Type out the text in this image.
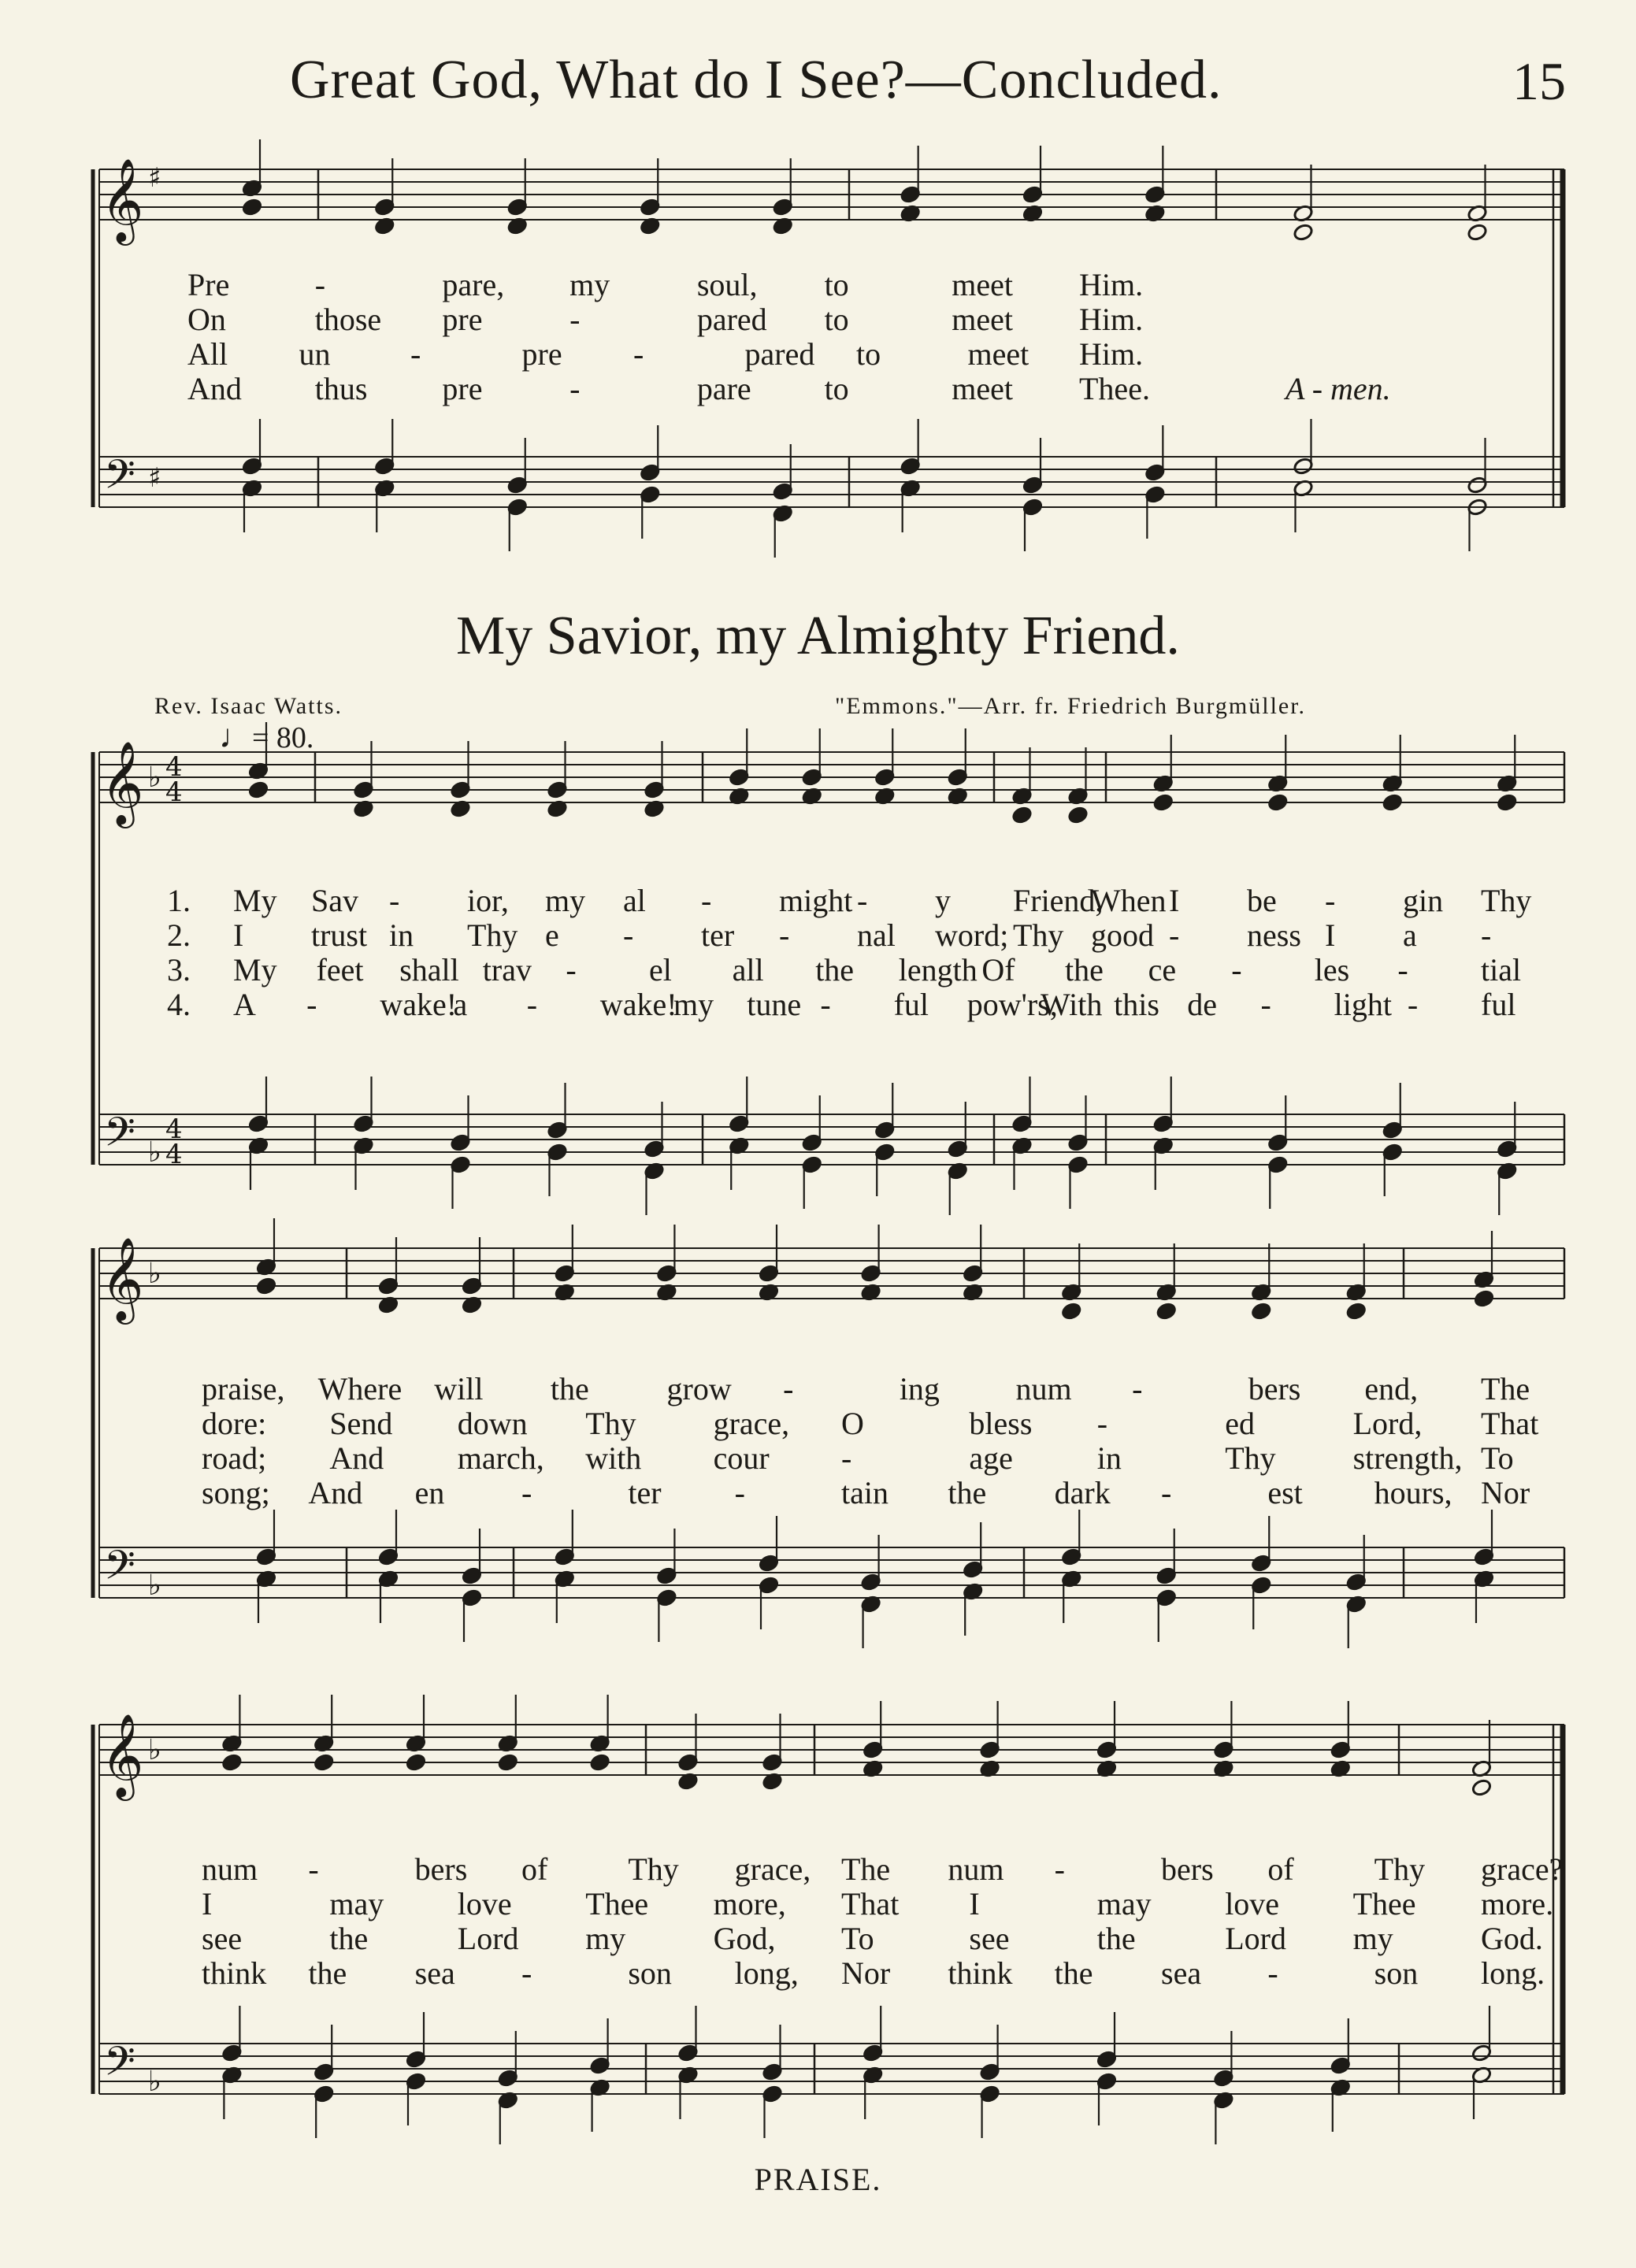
Great God, What do I See?—Concluded.	15
My Savior, my Almighty Friend.
Rev. Isaac Watts.	"Emmons."—Arr. fr. Friedrich Burgmüller.
♩= 80.
Pre	-	pare, my	soul, to	meet Him.
On	those pre	-	pared to	meet Him.
All un	-	pre -	pared to	meet Him.
And thus pre	-	pare to	meet Thee.	A - men.
1.
2.
3.
4.
My Sav - ior, my al - might - y Friend,
When I be - gin Thy
I trust in Thy e - ter - nal word; Thy good - ness I a -
My feet shall trav - el all the length Of the ce - les - tial
A - wake!
a - wake!
my tune - ful pow'rs,
With this de - light - ful
praise, Where will the grow -	ing num -	bers end, The
dore: Send down Thy grace, O	bless -	ed	Lord, That
road; And march, with cour -	age	in	Thy strength, To
song; And en -	ter -	tain the dark -	est hours, Nor
num -	bers of	Thy grace, The num -	bers of	Thy grace?
I	may love Thee more, That I	may love Thee more.
see	the	Lord my	God, To	see	the	Lord my	God.
think the sea -	son long, Nor think the sea -	son long.
PRAISE.
𝄞
𝄢
♯
♯
𝄞
𝄢
♭
♭
4
4
4
4
𝄞
𝄢
♭
♭
𝄞
𝄢
♭
♭
